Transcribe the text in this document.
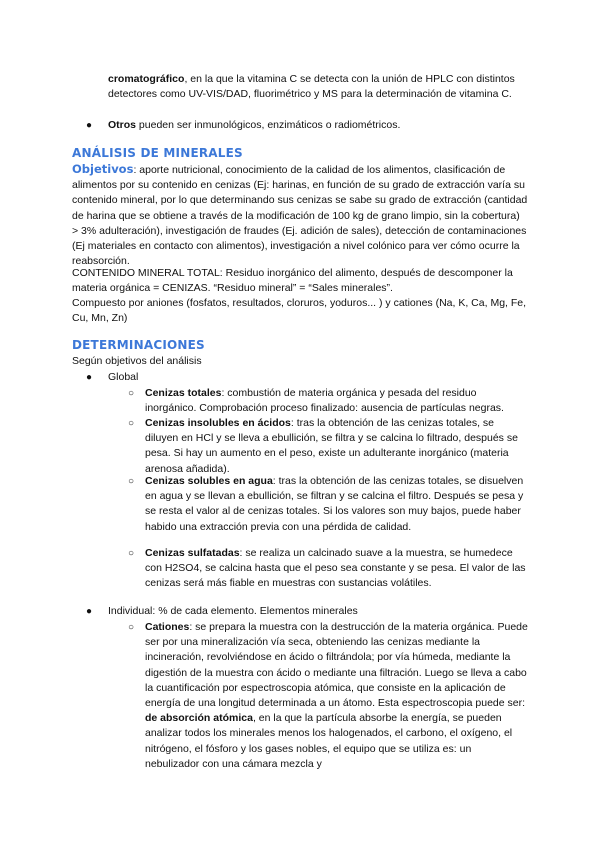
cromatográfico, en la que la vitamina C se detecta con la unión de HPLC con distintos detectores como UV-VIS/DAD, fluorimétrico y MS para la determinación de vitamina C.

● Otros pueden ser inmunológicos, enzimáticos o radiométricos.

ANÁLISIS DE MINERALES

Objetivos: aporte nutricional, conocimiento de la calidad de los alimentos, clasificación de alimentos por su contenido en cenizas (Ej: harinas, en función de su grado de extracción varía su contenido mineral, por lo que determinando sus cenizas se sabe su grado de extracción (cantidad de harina que se obtiene a través de la modificación de 100 kg de grano limpio, sin la cobertura) > 3% adulteración), investigación de fraudes (Ej. adición de sales), detección de contaminaciones (Ej materiales en contacto con alimentos), investigación a nivel colónico para ver cómo ocurre la reabsorción.

CONTENIDO MINERAL TOTAL: Residuo inorgánico del alimento, después de descomponer la materia orgánica = CENIZAS. “Residuo mineral” = “Sales minerales”.

Compuesto por aniones (fosfatos, resultados, cloruros, yoduros... ) y cationes (Na, K, Ca, Mg, Fe, Cu, Mn, Zn)

DETERMINACIONES

Según objetivos del análisis

● Global

○ Cenizas totales: combustión de materia orgánica y pesada del residuo inorgánico. Comprobación proceso finalizado: ausencia de partículas negras.

○ Cenizas insolubles en ácidos: tras la obtención de las cenizas totales, se diluyen en HCl y se lleva a ebullición, se filtra y se calcina lo filtrado, después se pesa. Si hay un aumento en el peso, existe un adulterante inorgánico (materia arenosa añadida).

○ Cenizas solubles en agua: tras la obtención de las cenizas totales, se disuelven en agua y se llevan a ebullición, se filtran y se calcina el filtro. Después se pesa y se resta el valor al de cenizas totales. Si los valores son muy bajos, puede haber habido una extracción previa con una pérdida de calidad.

○ Cenizas sulfatadas: se realiza un calcinado suave a la muestra, se humedece con H2SO4, se calcina hasta que el peso sea constante y se pesa. El valor de las cenizas será más fiable en muestras con sustancias volátiles.

● Individual: % de cada elemento. Elementos minerales

○ Cationes: se prepara la muestra con la destrucción de la materia orgánica. Puede ser por una mineralización vía seca, obteniendo las cenizas mediante la incineración, revolviéndose en ácido o filtrándola; por vía húmeda, mediante la digestión de la muestra con ácido o mediante una filtración. Luego se lleva a cabo la cuantificación por espectroscopia atómica, que consiste en la aplicación de energía de una longitud determinada a un átomo. Esta espectroscopia puede ser: de absorción atómica, en la que la partícula absorbe la energía, se pueden analizar todos los minerales menos los halogenados, el carbono, el oxígeno, el nitrógeno, el fósforo y los gases nobles, el equipo que se utiliza es: un nebulizador con una cámara mezcla y
